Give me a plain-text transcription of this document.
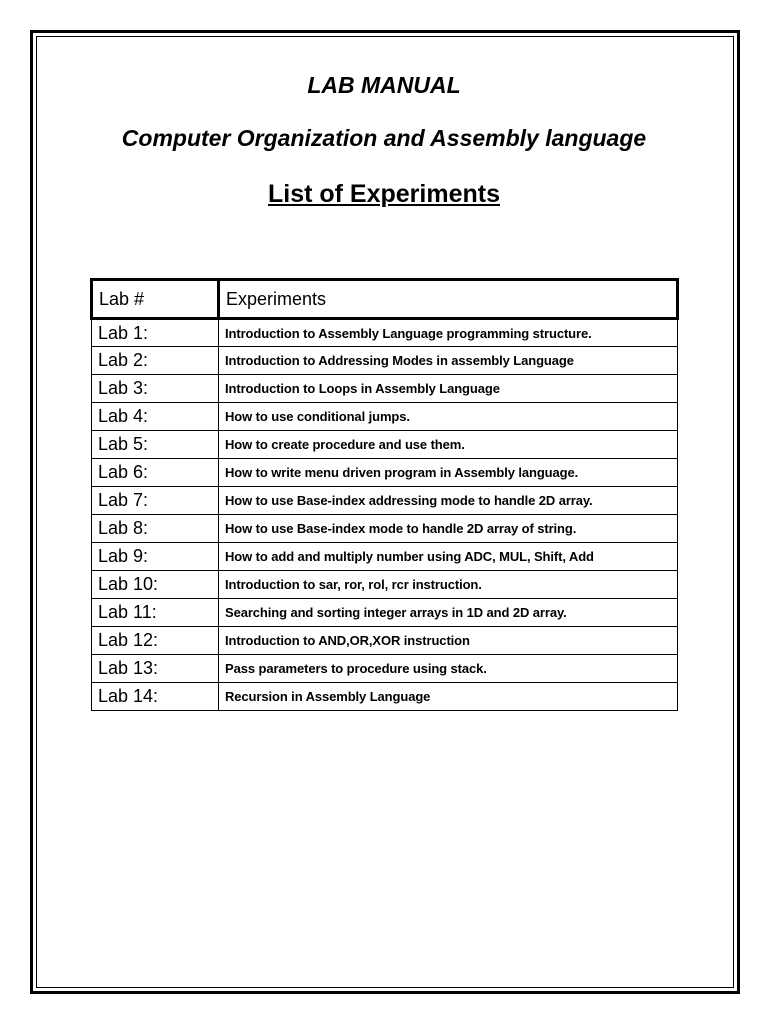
LAB MANUAL
Computer Organization and Assembly language
List of Experiments
Lab #	Experiments
Lab 1:	Introduction to Assembly Language programming structure.
Lab 2:	Introduction to Addressing Modes in assembly Language
Lab 3:	Introduction to Loops in Assembly Language
Lab 4:	How to use conditional jumps.
Lab 5:	How to create procedure and use them.
Lab 6:	How to write menu driven program in Assembly language.
Lab 7:	How to use Base-index addressing mode to handle 2D array.
Lab 8:	How to use Base-index mode to handle 2D array of string.
Lab 9:	How to add and multiply number using ADC, MUL, Shift, Add
Lab 10:	Introduction to sar, ror, rol, rcr instruction.
Lab 11:	Searching and sorting integer arrays in 1D and 2D array.
Lab 12:	Introduction to AND,OR,XOR instruction
Lab 13:	Pass parameters to procedure using stack.
Lab 14:	Recursion in Assembly Language
